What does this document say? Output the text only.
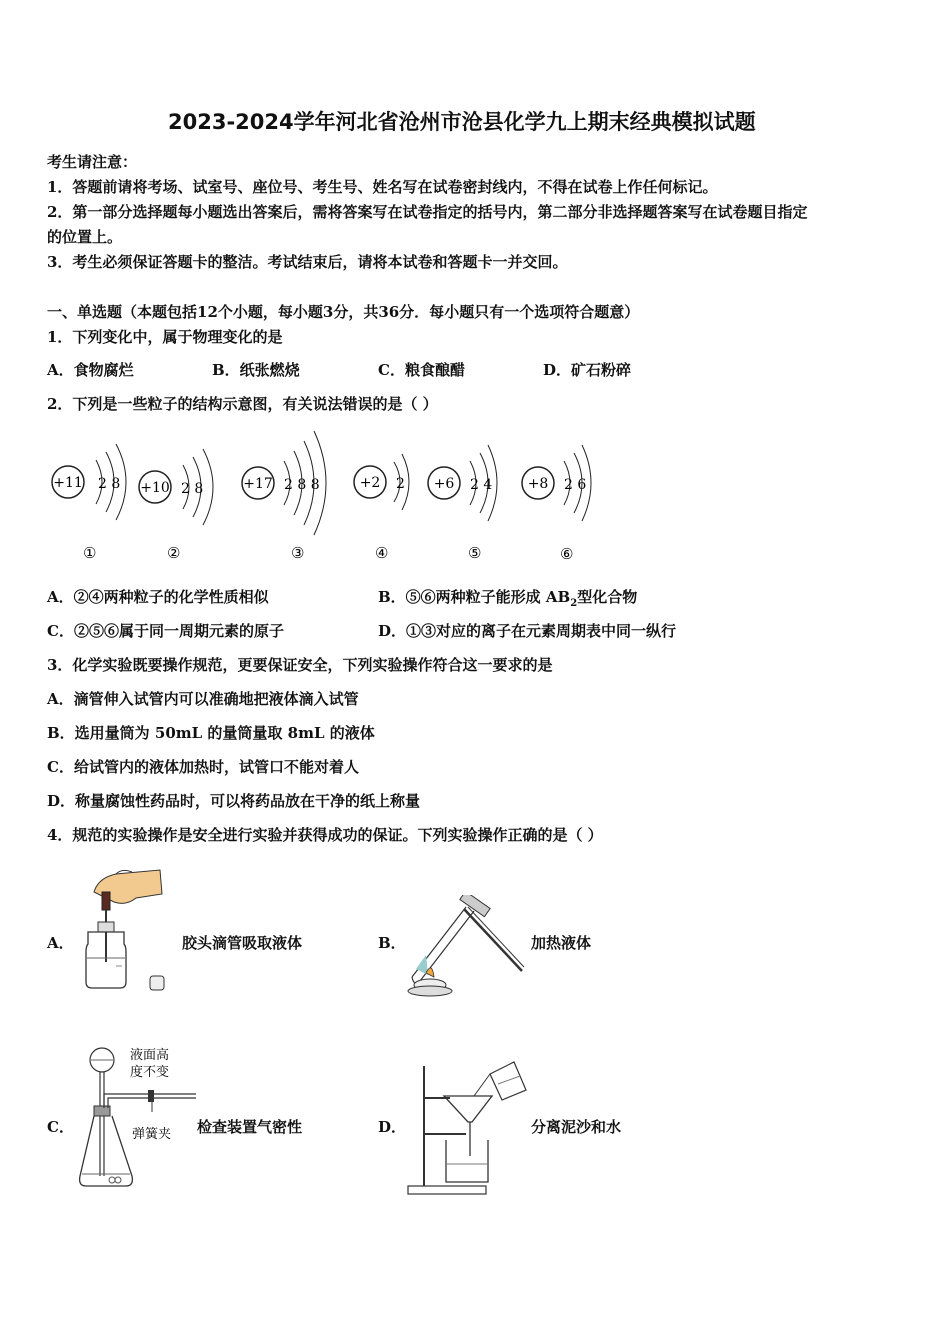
2023-2024学年河北省沧州市沧县化学九上期末经典模拟试题
考生请注意：
1．答题前请将考场、试室号、座位号、考生号、姓名写在试卷密封线内，不得在试卷上作任何标记。
2．第一部分选择题每小题选出答案后，需将答案写在试卷指定的括号内，第二部分非选择题答案写在试卷题目指定
的位置上。
3．考生必须保证答题卡的整洁。考试结束后，请将本试卷和答题卡一并交回。
一、单选题（本题包括12个小题，每小题3分，共36分．每小题只有一个选项符合题意）
1．下列变化中，属于物理变化的是
A．食物腐烂	B．纸张燃烧	C．粮食酿醋	D．矿石粉碎
2．下列是一些粒子的结构示意图，有关说法错误的是（ ）
+11 2 8
①
+10 2 8
②
+17 2 8 8
③
+2 2
④
+6 2 4
⑤
+8 2 6
⑥
A．②④两种粒子的化学性质相似	B．⑤⑥两种粒子能形成 $AB_2$型化合物
C．②⑤⑥属于同一周期元素的原子	D．①③对应的离子在元素周期表中同一纵行
3．化学实验既要操作规范，更要保证安全，下列实验操作符合这一要求的是
A．滴管伸入试管内可以准确地把液体滴入试管
B．选用量筒为 50mL 的量筒量取 8mL 的液体
C．给试管内的液体加热时，试管口不能对着人
D．称量腐蚀性药品时，可以将药品放在干净的纸上称量
4．规范的实验操作是安全进行实验并获得成功的保证。下列实验操作正确的是（ ）
A．	胶头滴管吸取液体	B．	加热液体
C．
液面高
度不变
弹簧夹 检查装置气密性	D．	分离泥沙和水
